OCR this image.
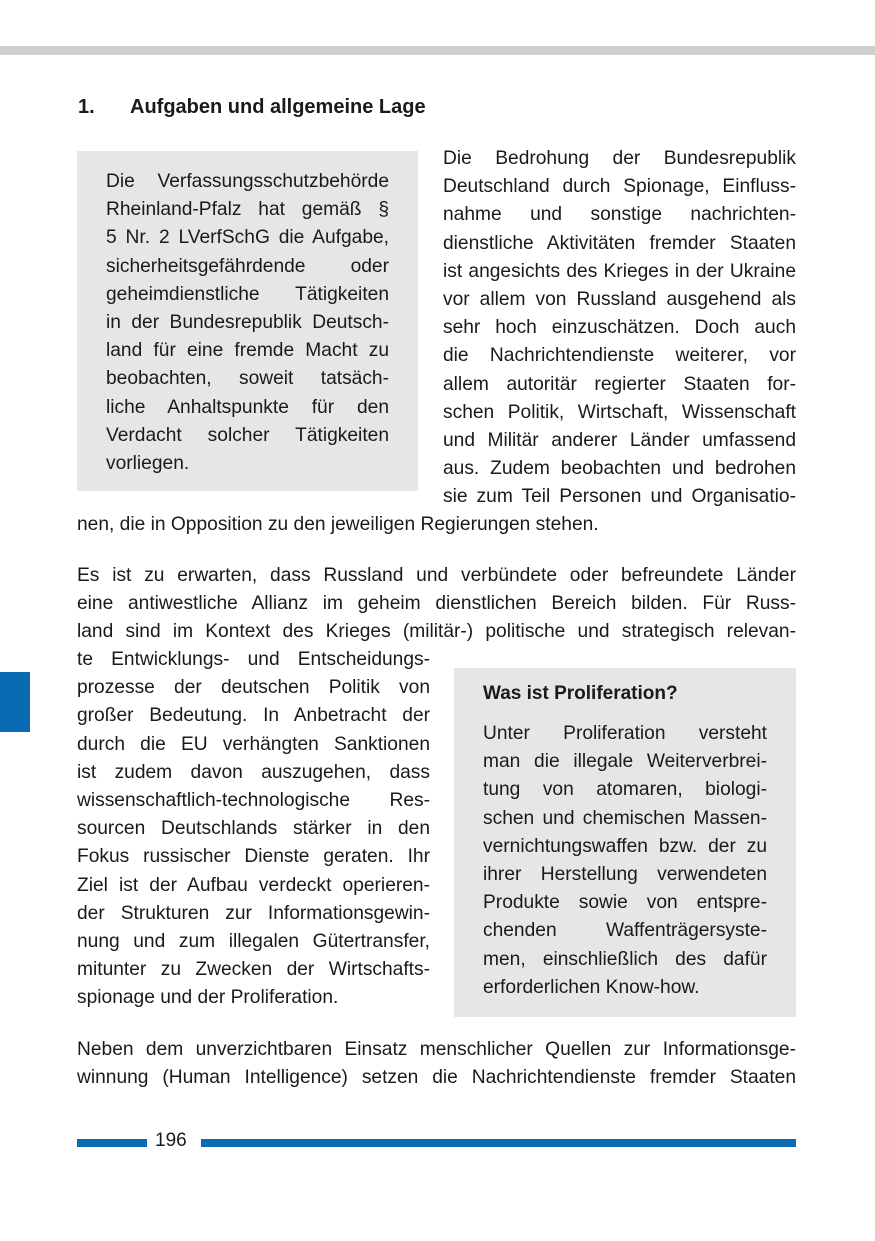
1. Aufgaben und allgemeine Lage

Die Verfassungsschutzbehörde
Rheinland-Pfalz hat gemäß §
5 Nr. 2 LVerfSchG die Aufgabe,
sicherheitsgefährdende oder
geheimdienstliche Tätigkeiten
in der Bundesrepublik Deutsch-
land für eine fremde Macht zu
beobachten, soweit tatsäch-
liche Anhaltspunkte für den
Verdacht solcher Tätigkeiten
vorliegen.

Die Bedrohung der Bundesrepublik
Deutschland durch Spionage, Einfluss-
nahme und sonstige nachrichten-
dienstliche Aktivitäten fremder Staaten
ist angesichts des Krieges in der Ukraine
vor allem von Russland ausgehend als
sehr hoch einzuschätzen. Doch auch
die Nachrichtendienste weiterer, vor
allem autoritär regierter Staaten for-
schen Politik, Wirtschaft, Wissenschaft
und Militär anderer Länder umfassend
aus. Zudem beobachten und bedrohen
sie zum Teil Personen und Organisatio-
nen, die in Opposition zu den jeweiligen Regierungen stehen.
Es ist zu erwarten, dass Russland und verbündete oder befreundete Länder
eine antiwestliche Allianz im geheim dienstlichen Bereich bilden. Für Russ-
land sind im Kontext des Krieges (militär-) politische und strategisch relevan-
te Entwicklungs- und Entscheidungs-
prozesse der deutschen Politik von
großer Bedeutung. In Anbetracht der
durch die EU verhängten Sanktionen
ist zudem davon auszugehen, dass
wissenschaftlich-technologische Res-
sourcen Deutschlands stärker in den
Fokus russischer Dienste geraten. Ihr
Ziel ist der Aufbau verdeckt operieren-
der Strukturen zur Informationsgewin-
nung und zum illegalen Gütertransfer,
mitunter zu Zwecken der Wirtschafts-
spionage und der Proliferation.
Was ist Proliferation?

Unter Proliferation versteht
man die illegale Weiterverbrei-
tung von atomaren, biologi-
schen und chemischen Massen-
vernichtungswaffen bzw. der zu
ihrer Herstellung verwendeten
Produkte sowie von entspre-
chenden Waffenträgersyste-
men, einschließlich des dafür
erforderlichen Know-how.

Neben dem unverzichtbaren Einsatz menschlicher Quellen zur Informationsge-
winnung (Human Intelligence) setzen die Nachrichtendienste fremder Staaten
196
